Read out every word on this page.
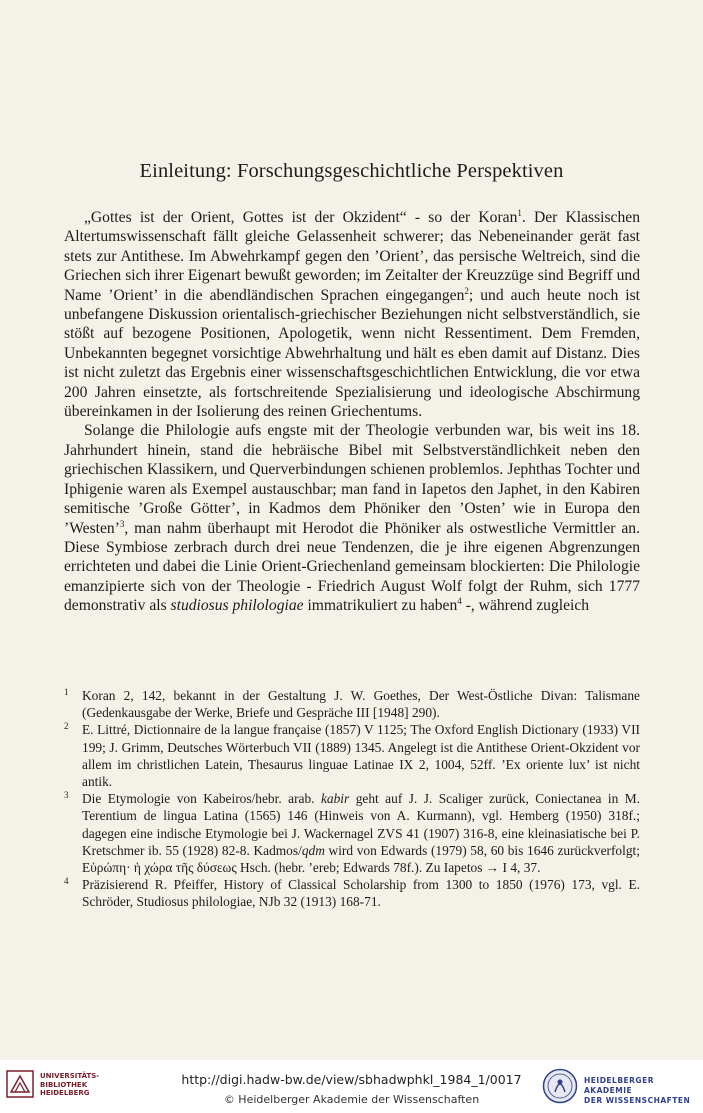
Einleitung: Forschungsgeschichtliche Perspektiven

„Gottes ist der Orient, Gottes ist der Okzident“ - so der Koran$^1$. Der Klassischen Altertumswissenschaft fällt gleiche Gelassenheit schwerer; das Nebeneinander gerät fast stets zur Antithese. Im Abwehrkampf gegen den ’Orient’, das persische Weltreich, sind die Griechen sich ihrer Eigenart bewußt geworden; im Zeitalter der Kreuzzüge sind Begriff und Name ’Orient’ in die abendländischen Sprachen eingegangen$^2$; und auch heute noch ist unbefangene Diskussion orientalisch-griechischer Beziehungen nicht selbstverständlich, sie stößt auf bezogene Positionen, Apologetik, wenn nicht Ressentiment. Dem Fremden, Unbekannten begegnet vorsichtige Abwehrhaltung und hält es eben damit auf Distanz. Dies ist nicht zuletzt das Ergebnis einer wissenschaftsgeschichtlichen Entwicklung, die vor etwa 200 Jahren einsetzte, als fortschreitende Spezialisierung und ideologische Abschirmung übereinkamen in der Isolierung des reinen Griechentums.

Solange die Philologie aufs engste mit der Theologie verbunden war, bis weit ins 18. Jahrhundert hinein, stand die hebräische Bibel mit Selbstverständlichkeit neben den griechischen Klassikern, und Querverbindungen schienen problemlos. Jephthas Tochter und Iphigenie waren als Exempel austauschbar; man fand in Iapetos den Japhet, in den Kabiren semitische ’Große Götter’, in Kadmos dem Phöniker den ’Osten’ wie in Europa den ’Westen’$^3$, man nahm überhaupt mit Herodot die Phöniker als ostwestliche Vermittler an. Diese Symbiose zerbrach durch drei neue Tendenzen, die je ihre eigenen Abgrenzungen errichteten und dabei die Linie Orient-Griechenland gemeinsam blockierten: Die Philologie emanzipierte sich von der Theologie - Friedrich August Wolf folgt der Ruhm, sich 1777 demonstrativ als studiosus philologiae immatrikuliert zu haben$^4$ -, während zugleich

1 Koran 2, 142, bekannt in der Gestaltung J. W. Goethes, Der West-Östliche Divan: Talismane (Gedenkausgabe der Werke, Briefe und Gespräche III [1948] 290).
2 E. Littré, Dictionnaire de la langue française (1857) V 1125; The Oxford English Dictionary (1933) VII 199; J. Grimm, Deutsches Wörterbuch VII (1889) 1345. Angelegt ist die Antithese Orient-Okzident vor allem im christlichen Latein, Thesaurus linguae Latinae IX 2, 1004, 52ff. ’Ex oriente lux’ ist nicht antik.
3 Die Etymologie von Kabeiros/hebr. arab. kabir geht auf J. J. Scaliger zurück, Coniectanea in M. Terentium de lingua Latina (1565) 146 (Hinweis von A. Kurmann), vgl. Hemberg (1950) 318f.; dagegen eine indische Etymologie bei J. Wackernagel ZVS 41 (1907) 316-8, eine kleinasiatische bei P. Kretschmer ib. 55 (1928) 82-8. Kadmos/qdm wird von Edwards (1979) 58, 60 bis 1646 zurückverfolgt; Εὐρώπη· ἡ χώρα τῆς δύσεως Hsch. (hebr. ’ereb; Edwards 78f.). Zu Iapetos → I 4, 37.
4 Präzisierend R. Pfeiffer, History of Classical Scholarship from 1300 to 1850 (1976) 173, vgl. E. Schröder, Studiosus philologiae, NJb 32 (1913) 168-71.
UNIVERSITÄTS-
BIBLIOTHEK
HEIDELBERG
http://digi.hadw-bw.de/view/sbhadwphkl_1984_1/0017
© Heidelberger Akademie der Wissenschaften
HEIDELBERGER AKADEMIE
DER WISSENSCHAFTEN
